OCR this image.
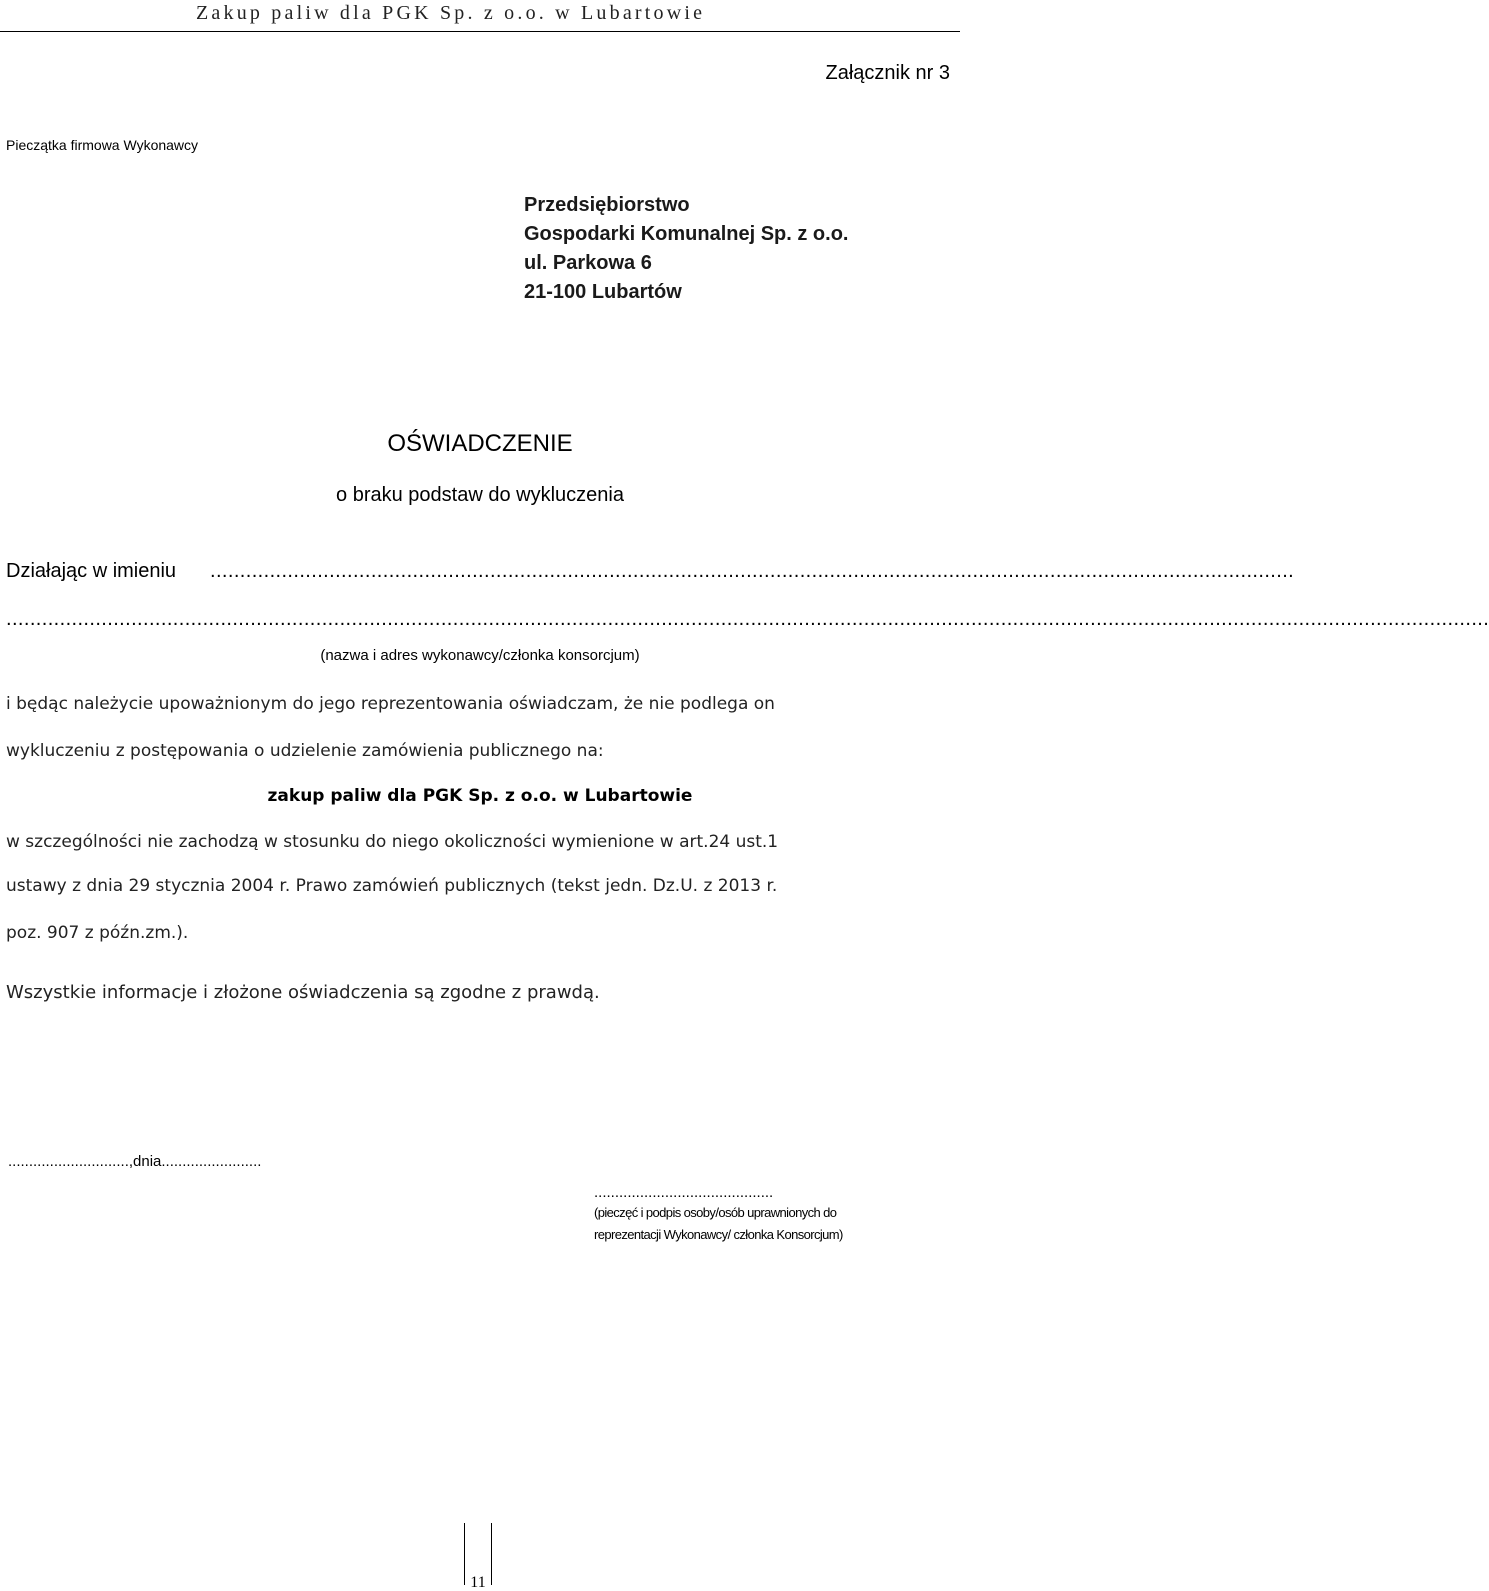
Zakup paliw dla PGK Sp. z o.o. w Lubartowie
Załącznik nr 3
Pieczątka firmowa Wykonawcy
Przedsiębiorstwo
Gospodarki Komunalnej Sp. z o.o.
ul. Parkowa 6
21-100 Lubartów
OŚWIADCZENIE
o braku podstaw do wykluczenia
Działając w imieniu ......................................................................................................................................................................................
.........................................................................................................................................................................................................................................................
(nazwa i adres wykonawcy/członka konsorcjum)
i będąc należycie upoważnionym do jego reprezentowania oświadczam, że nie podlega on
wykluczeniu z postępowania o udzielenie zamówienia publicznego na:
zakup paliw dla PGK Sp. z o.o. w Lubartowie
w szczególności nie zachodzą w stosunku do niego okoliczności wymienione w art.24 ust.1
ustawy z dnia 29 stycznia 2004 r. Prawo zamówień publicznych (tekst jedn. Dz.U. z 2013 r.
poz. 907 z późn.zm.).
Wszystkie informacje i złożone oświadczenia są zgodne z prawdą.
.............................,dnia........................
...........................................
(pieczęć i podpis osoby/osób uprawnionych do
reprezentacji Wykonawcy/ członka Konsorcjum)
11
